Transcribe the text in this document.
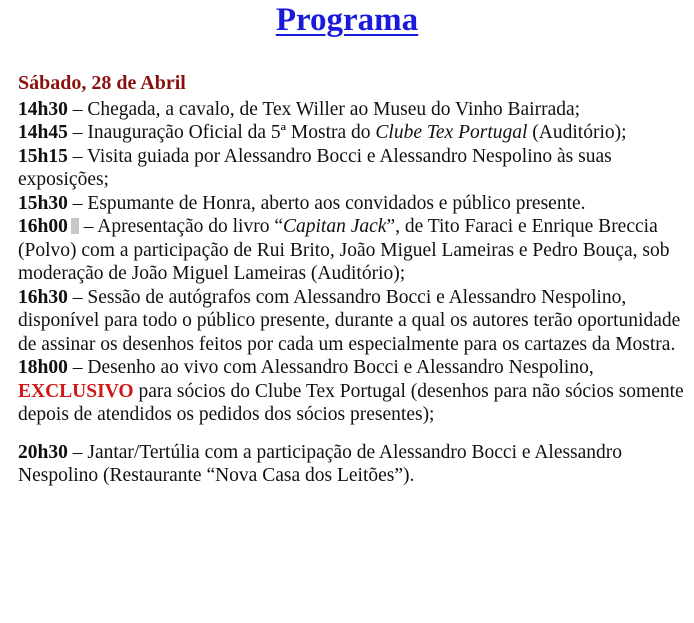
Programa
Sábado, 28 de Abril

14h30 – Chegada, a cavalo, de Tex Willer ao Museu do Vinho Bairrada;

14h45 – Inauguração Oficial da 5ª Mostra do Clube Tex Portugal (Auditório);

15h15 – Visita guiada por Alessandro Bocci e Alessandro Nespolino às suas exposições;

15h30 – Espumante de Honra, aberto aos convidados e público presente.

16h00 – Apresentação do livro “Capitan Jack”, de Tito Faraci e Enrique Breccia (Polvo) com a participação de Rui Brito, João Miguel Lameiras e Pedro Bouça, sob moderação de João Miguel Lameiras (Auditório);

16h30 – Sessão de autógrafos com Alessandro Bocci e Alessandro Nespolino, disponível para todo o público presente, durante a qual os autores terão oportunidade de assinar os desenhos feitos por cada um especialmente para os cartazes da Mostra.

18h00 – Desenho ao vivo com Alessandro Bocci e Alessandro Nespolino, EXCLUSIVO para sócios do Clube Tex Portugal (desenhos para não sócios somente depois de atendidos os pedidos dos sócios presentes);

20h30 – Jantar/Tertúlia com a participação de Alessandro Bocci e Alessandro Nespolino (Restaurante “Nova Casa dos Leitões”).
